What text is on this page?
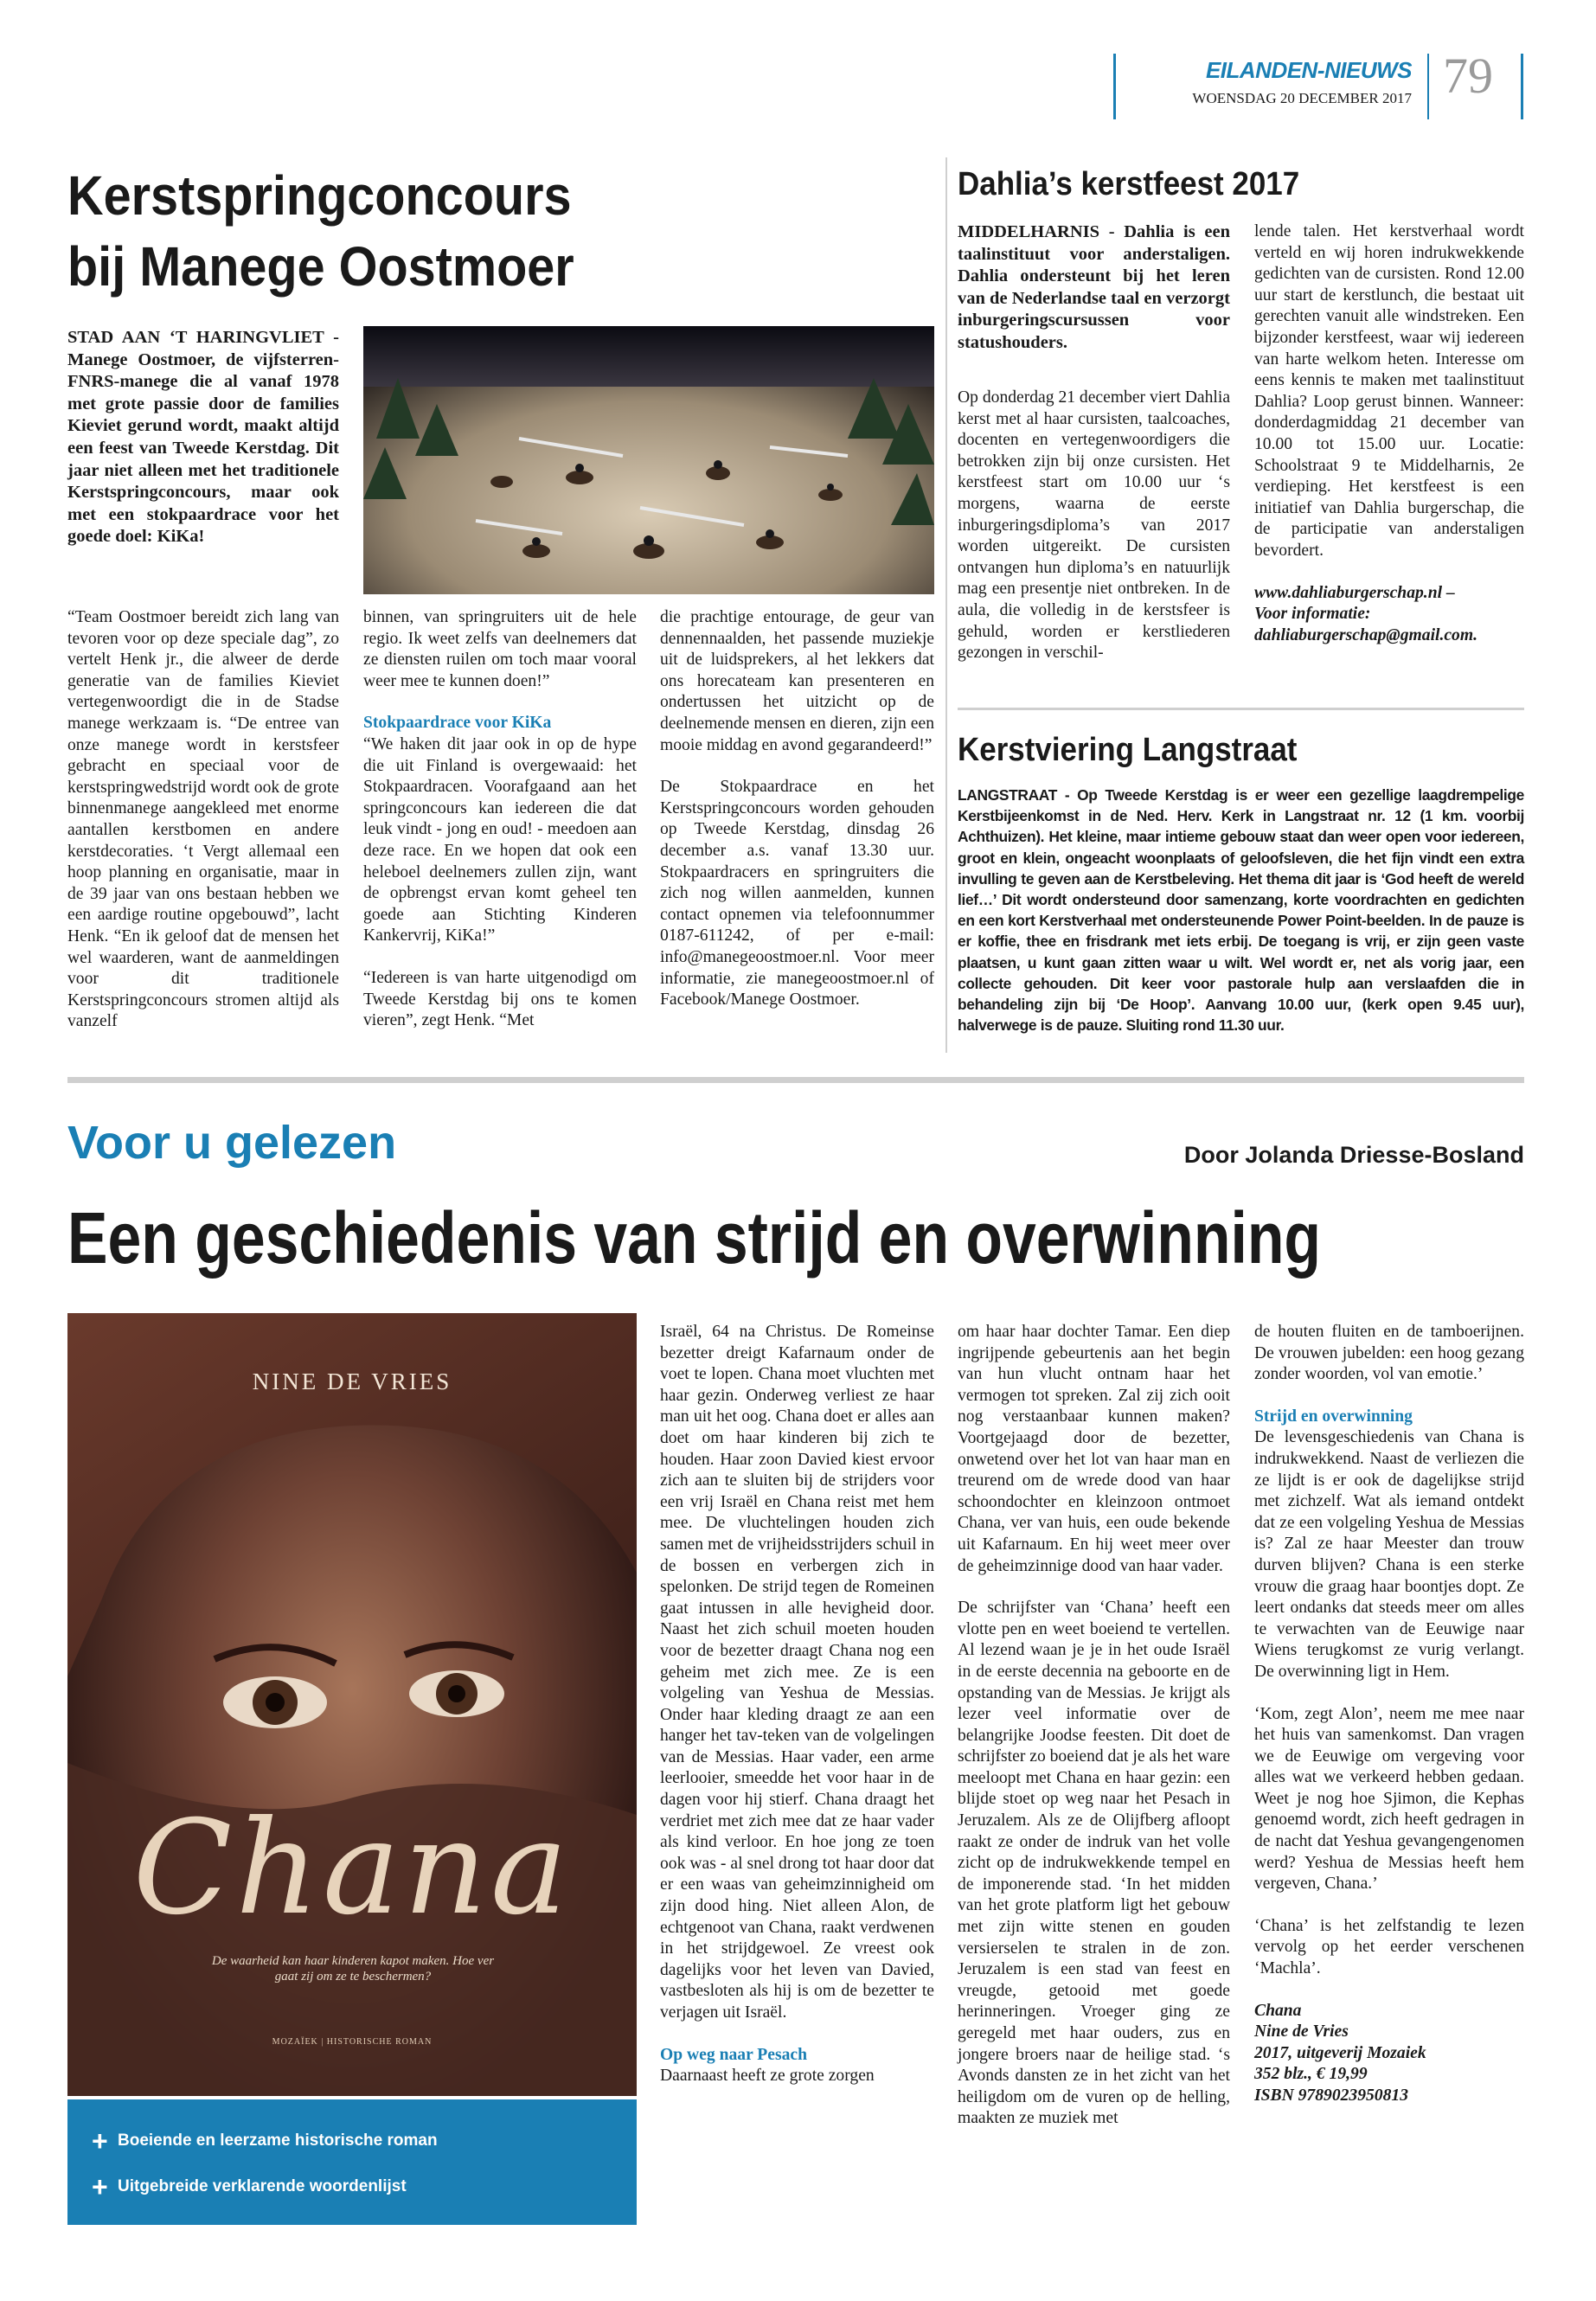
EILANDEN-NIEUWS
WOENSDAG 20 DECEMBER 2017 79
Kerstspringconcours
bij Manege Oostmoer
STAD AAN ‘T HARINGVLIET - Manege Oostmoer, de vijfsterren-FNRS-manege die al vanaf 1978 met grote passie door de families Kieviet gerund wordt, maakt altijd een feest van Tweede Kerstdag. Dit jaar niet alleen met het traditionele Kerstspringconcours, maar ook met een stokpaardrace voor het goede doel: KiKa!

“Team Oostmoer bereidt zich lang van tevoren voor op deze speciale dag”, zo vertelt Henk jr., die alweer de derde generatie van de families Kieviet vertegenwoordigt die in de Stadse manege werkzaam is. “De entree van onze manege wordt in kerstsfeer gebracht en speciaal voor de kerstspringwedstrijd wordt ook de grote binnenmanege aangekleed met enorme aantallen kerstbomen en andere kerstdecoraties. ‘t Vergt allemaal een hoop planning en organisatie, maar in de 39 jaar van ons bestaan hebben we een aardige routine opgebouwd”, lacht Henk. “En ik geloof dat de mensen het wel waarderen, want de aanmeldingen voor dit traditionele Kerstspringconcours stromen altijd als vanzelf

binnen, van springruiters uit de hele regio. Ik weet zelfs van deelnemers dat ze diensten ruilen om toch maar vooral weer mee te kunnen doen!”

Stokpaardrace voor KiKa

“We haken dit jaar ook in op de hype die uit Finland is overgewaaid: het Stokpaardracen. Voorafgaand aan het springconcours kan iedereen die dat leuk vindt - jong en oud! - meedoen aan deze race. En we hopen dat ook een heleboel deelnemers zullen zijn, want de opbrengst ervan komt geheel ten goede aan Stichting Kinderen Kankervrij, KiKa!”

“Iedereen is van harte uitgenodigd om Tweede Kerstdag bij ons te komen vieren”, zegt Henk. “Met

die prachtige entourage, de geur van dennennaalden, het passende muziekje uit de luidsprekers, al het lekkers dat ons horecateam kan presenteren en ondertussen het uitzicht op de deelnemende mensen en dieren, zijn een mooie middag en avond gegarandeerd!”

De Stokpaardrace en het Kerstspringconcours worden gehouden op Tweede Kerstdag, dinsdag 26 december a.s. vanaf 13.30 uur. Stokpaardracers en springruiters die zich nog willen aanmelden, kunnen contact opnemen via telefoonnummer 0187-611242, of per e-mail: info@manegeoostmoer.nl. Voor meer informatie, zie manegeoostmoer.nl of Facebook/Manege Oostmoer.

Dahlia’s kerstfeest 2017
MIDDELHARNIS - Dahlia is een taalinstituut voor anderstaligen. Dahlia ondersteunt bij het leren van de Nederlandse taal en verzorgt inburgeringscursussen voor statushouders.

Op donderdag 21 december viert Dahlia kerst met al haar cursisten, taalcoaches, docenten en vertegenwoordigers die betrokken zijn bij onze cursisten. Het kerstfeest start om 10.00 uur ‘s morgens, waarna de eerste inburgeringsdiploma’s van 2017 worden uitgereikt. De cursisten ontvangen hun diploma’s en natuurlijk mag een presentje niet ontbreken. In de aula, die volledig in de kerstsfeer is gehuld, worden er kerstliederen gezongen in verschil-

lende talen. Het kerstverhaal wordt verteld en wij horen indrukwekkende gedichten van de cursisten. Rond 12.00 uur start de kerstlunch, die bestaat uit gerechten vanuit alle windstreken. Een bijzonder kerstfeest, waar wij iedereen van harte welkom heten. Interesse om eens kennis te maken met taalinstituut Dahlia? Loop gerust binnen. Wanneer: donderdagmiddag 21 december van 10.00 tot 15.00 uur. Locatie: Schoolstraat 9 te Middelharnis, 2e verdieping. Het kerstfeest is een initiatief van Dahlia burgerschap, die de participatie van anderstaligen bevordert.

www.dahliaburgerschap.nl –
Voor informatie:
dahliaburgerschap@gmail.com.

Kerstviering Langstraat
LANGSTRAAT - Op Tweede Kerstdag is er weer een gezellige laagdrempelige Kerstbijeenkomst in de Ned. Herv. Kerk in Langstraat nr. 12 (1 km. voorbij Achthuizen). Het kleine, maar intieme gebouw staat dan weer open voor iedereen, groot en klein, ongeacht woonplaats of geloofsleven, die het fijn vindt een extra invulling te geven aan de Kerstbeleving. Het thema dit jaar is ‘God heeft de wereld lief…’ Dit wordt ondersteund door samenzang, korte voordrachten en gedichten en een kort Kerstverhaal met ondersteunende Power Point-beelden. In de pauze is er koffie, thee en frisdrank met iets erbij. De toegang is vrij, er zijn geen vaste plaatsen, u kunt gaan zitten waar u wilt. Wel wordt er, net als vorig jaar, een collecte gehouden. Dit keer voor pastorale hulp aan verslaafden die in behandeling zijn bij ‘De Hoop’. Aanvang 10.00 uur, (kerk open 9.45 uur), halverwege is de pauze. Sluiting rond 11.30 uur.
Voor u gelezen	Door Jolanda Driesse-Bosland
Een geschiedenis van strijd en overwinning
NINE DE VRIES
Chana
De waarheid kan haar kinderen kapot maken. Hoe ver gaat zij om ze te beschermen?
MOZAÏEK | HISTORISCHE ROMAN
+ Boeiende en leerzame historische roman
+ Uitgebreide verklarende woordenlijst

Israël, 64 na Christus. De Romeinse bezetter dreigt Kafarnaum onder de voet te lopen. Chana moet vluchten met haar gezin. Onderweg verliest ze haar man uit het oog. Chana doet er alles aan doet om haar kinderen bij zich te houden. Haar zoon Davied kiest ervoor zich aan te sluiten bij de strijders voor een vrij Israël en Chana reist met hem mee. De vluchtelingen houden zich samen met de vrijheidsstrijders schuil in de bossen en verbergen zich in spelonken. De strijd tegen de Romeinen gaat intussen in alle hevigheid door. Naast het zich schuil moeten houden voor de bezetter draagt Chana nog een geheim met zich mee. Ze is een volgeling van Yeshua de Messias. Onder haar kleding draagt ze aan een hanger het tav-teken van de volgelingen van de Messias. Haar vader, een arme leerlooier, smeedde het voor haar in de dagen voor hij stierf. Chana draagt het verdriet met zich mee dat ze haar vader als kind verloor. En hoe jong ze toen ook was - al snel drong tot haar door dat er een waas van geheimzinnigheid om zijn dood hing. Niet alleen Alon, de echtgenoot van Chana, raakt verdwenen in het strijdgewoel. Ze vreest ook dagelijks voor het leven van Davied, vastbesloten als hij is om de bezetter te verjagen uit Israël.

Op weg naar Pesach

Daarnaast heeft ze grote zorgen

om haar haar dochter Tamar. Een diep ingrijpende gebeurtenis aan het begin van hun vlucht ontnam haar het vermogen tot spreken. Zal zij zich ooit nog verstaanbaar kunnen maken? Voortgejaagd door de bezetter, onwetend over het lot van haar man en treurend om de wrede dood van haar schoondochter en kleinzoon ontmoet Chana, ver van huis, een oude bekende uit Kafarnaum. En hij weet meer over de geheimzinnige dood van haar vader.

De schrijfster van ‘Chana’ heeft een vlotte pen en weet boeiend te vertellen. Al lezend waan je je in het oude Israël in de eerste decennia na geboorte en de opstanding van de Messias. Je krijgt als lezer veel informatie over de belangrijke Joodse feesten. Dit doet de schrijfster zo boeiend dat je als het ware meeloopt met Chana en haar gezin: een blijde stoet op weg naar het Pesach in Jeruzalem. Als ze de Olijfberg afloopt raakt ze onder de indruk van het volle zicht op de indrukwekkende tempel en de imponerende stad. ‘In het midden van het grote platform ligt het gebouw met zijn witte stenen en gouden versierselen te stralen in de zon. Jeruzalem is een stad van feest en vreugde, getooid met goede herinneringen. Vroeger ging ze geregeld met haar ouders, zus en jongere broers naar de heilige stad. ‘s Avonds dansten ze in het zicht van het heiligdom om de vuren op de helling, maakten ze muziek met

de houten fluiten en de tamboerijnen. De vrouwen jubelden: een hoog gezang zonder woorden, vol van emotie.’

Strijd en overwinning

De levensgeschiedenis van Chana is indrukwekkend. Naast de verliezen die ze lijdt is er ook de dagelijkse strijd met zichzelf. Wat als iemand ontdekt dat ze een volgeling Yeshua de Messias is? Zal ze haar Meester dan trouw durven blijven? Chana is een sterke vrouw die graag haar boontjes dopt. Ze leert ondanks dat steeds meer om alles te verwachten van de Eeuwige naar Wiens terugkomst ze vurig verlangt. De overwinning ligt in Hem.

‘Kom, zegt Alon’, neem me mee naar het huis van samenkomst. Dan vragen we de Eeuwige om vergeving voor alles wat we verkeerd hebben gedaan. Weet je nog hoe Sjimon, die Kephas genoemd wordt, zich heeft gedragen in de nacht dat Yeshua gevangengenomen werd? Yeshua de Messias heeft hem vergeven, Chana.’

‘Chana’ is het zelfstandig te lezen vervolg op het eerder verschenen ‘Machla’.

Chana
Nine de Vries
2017, uitgeverij Mozaiek
352 blz., € 19,99
ISBN 9789023950813
